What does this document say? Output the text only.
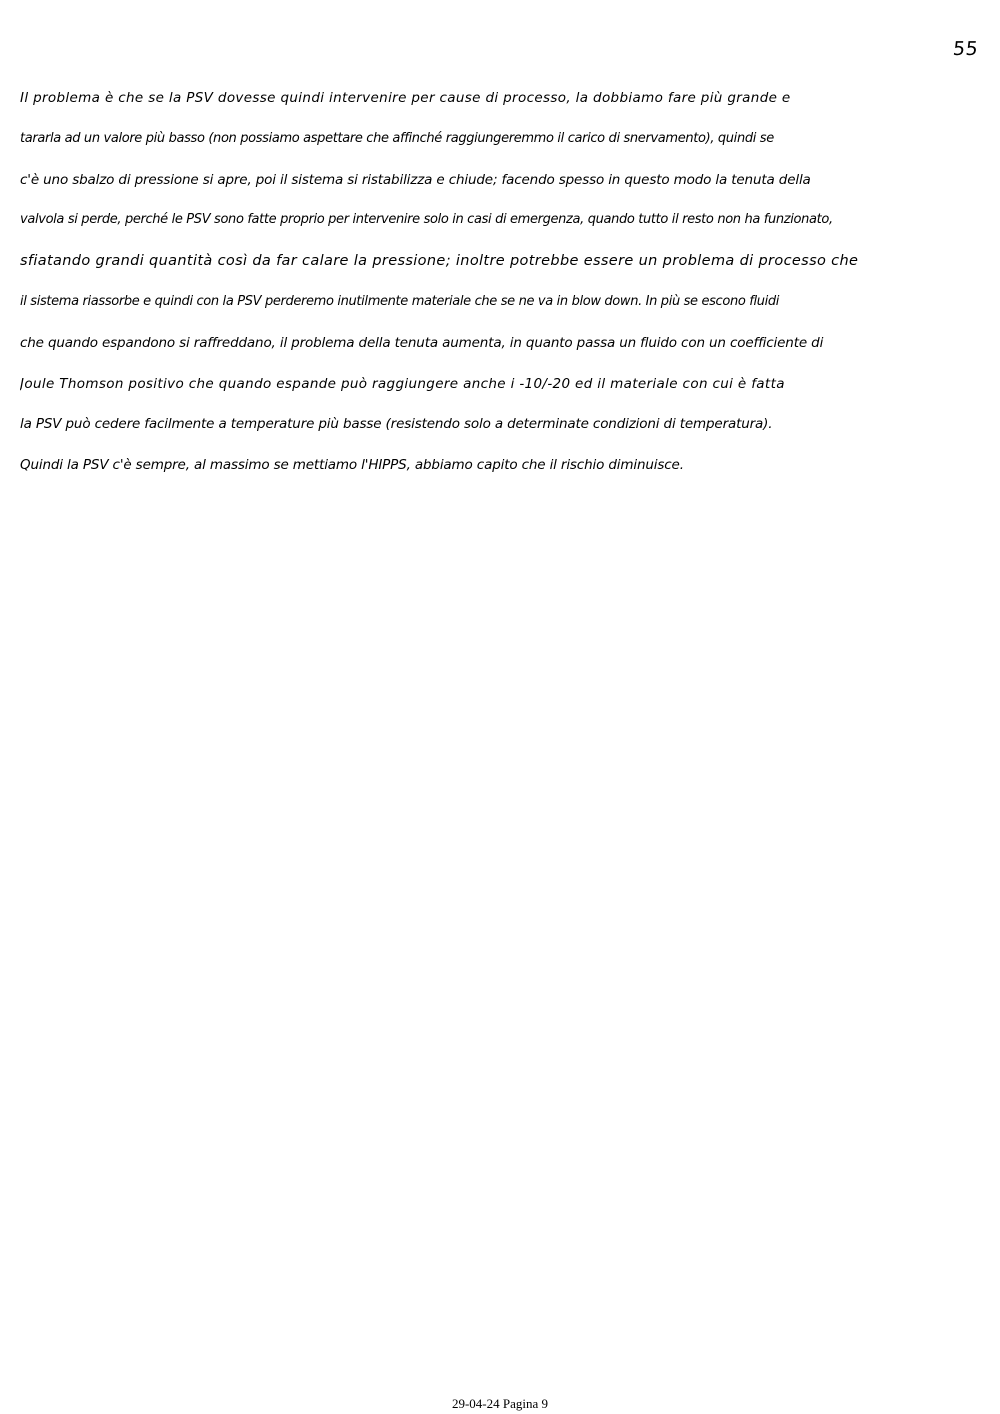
55
Il problema è che se la PSV dovesse quindi intervenire per cause di processo, la dobbiamo fare più grande e
tararla ad un valore più basso (non possiamo aspettare che affinché raggiungeremmo il carico di snervamento), quindi se
c'è uno sbalzo di pressione si apre, poi il sistema si ristabilizza e chiude; facendo spesso in questo modo la tenuta della
valvola si perde, perché le PSV sono fatte proprio per intervenire solo in casi di emergenza, quando tutto il resto non ha funzionato,
sfiatando grandi quantità così da far calare la pressione; inoltre potrebbe essere un problema di processo che
il sistema riassorbe e quindi con la PSV perderemo inutilmente materiale che se ne va in blow down. In più se escono fluidi
che quando espandono si raffreddano, il problema della tenuta aumenta, in quanto passa un fluido con un coefficiente di
Joule Thomson positivo che quando espande può raggiungere anche i -10/-20 ed il materiale con cui è fatta
la PSV può cedere facilmente a temperature più basse (resistendo solo a determinate condizioni di temperatura).
Quindi la PSV c'è sempre, al massimo se mettiamo l'HIPPS, abbiamo capito che il rischio diminuisce.
29-04-24 Pagina 9
